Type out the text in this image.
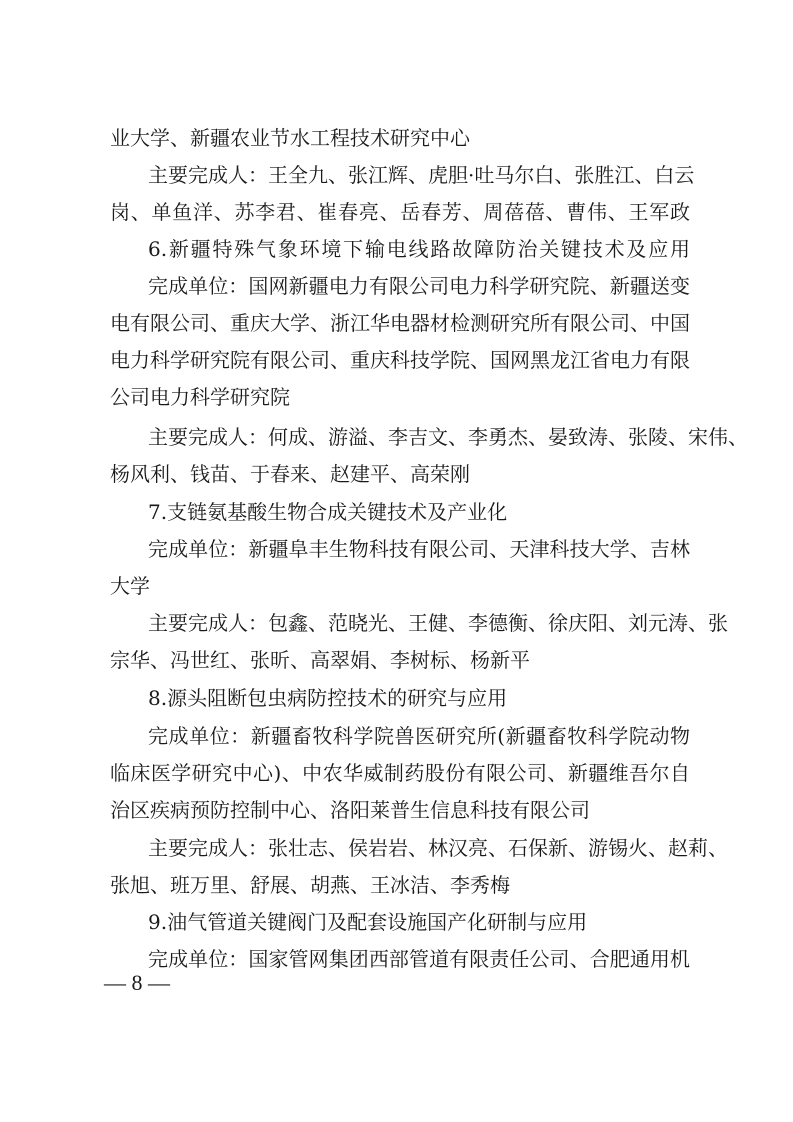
业大学、新疆农业节水工程技术研究中心
主要完成人：王全九、张江辉、虎胆·吐马尔白、张胜江、白云
岗、单鱼洋、苏李君、崔春亮、岳春芳、周蓓蓓、曹伟、王军政
6.新疆特殊气象环境下输电线路故障防治关键技术及应用
完成单位：国网新疆电力有限公司电力科学研究院、新疆送变
电有限公司、重庆大学、浙江华电器材检测研究所有限公司、中国
电力科学研究院有限公司、重庆科技学院、国网黑龙江省电力有限
公司电力科学研究院
主要完成人：何成、游溢、李吉文、李勇杰、晏致涛、张陵、宋伟、
杨风利、钱苗、于春来、赵建平、高荣刚
7.支链氨基酸生物合成关键技术及产业化
完成单位：新疆阜丰生物科技有限公司、天津科技大学、吉林
大学
主要完成人：包鑫、范晓光、王健、李德衡、徐庆阳、刘元涛、张
宗华、冯世红、张昕、高翠娟、李树标、杨新平
8.源头阻断包虫病防控技术的研究与应用
完成单位：新疆畜牧科学院兽医研究所(新疆畜牧科学院动物
临床医学研究中心)、中农华威制药股份有限公司、新疆维吾尔自
治区疾病预防控制中心、洛阳莱普生信息科技有限公司
主要完成人：张壮志、侯岩岩、林汉亮、石保新、游锡火、赵莉、
张旭、班万里、舒展、胡燕、王冰洁、李秀梅
9.油气管道关键阀门及配套设施国产化研制与应用
完成单位：国家管网集团西部管道有限责任公司、合肥通用机
— 8 —
